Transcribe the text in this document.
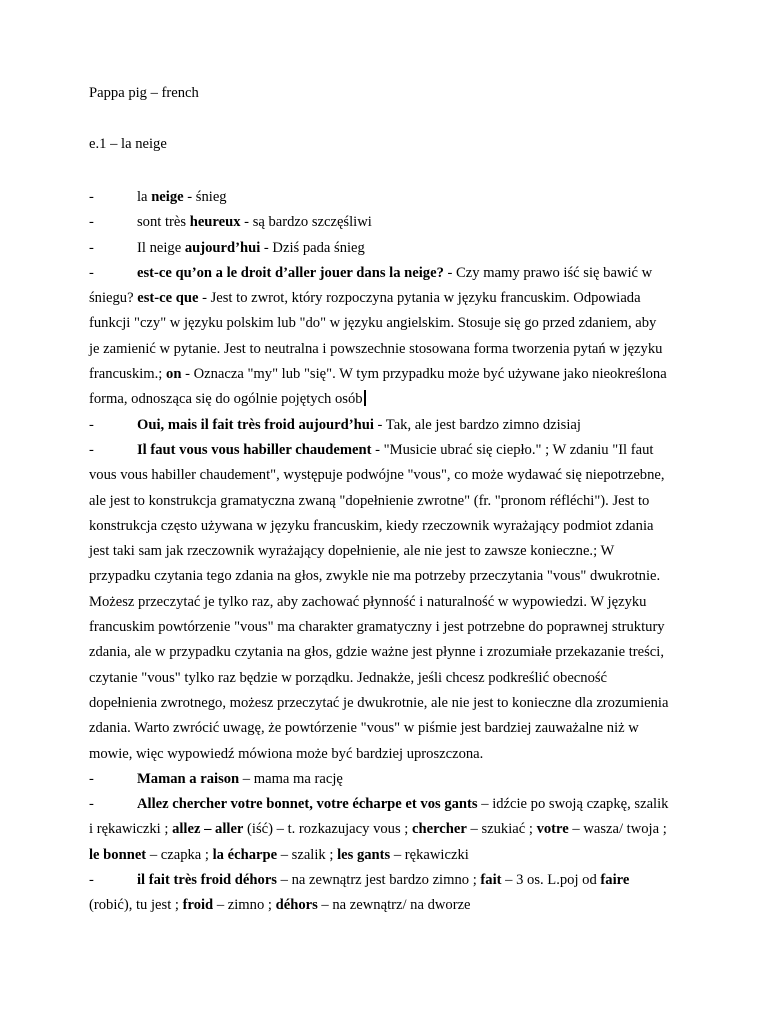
Pappa pig – french
e.1 – la neige
-	la neige - śnieg
-	sont très heureux - są bardzo szczęśliwi
-	Il neige aujourd’hui - Dziś pada śnieg
-	est-ce qu’on a le droit d’aller jouer dans la neige? - Czy mamy prawo iść się bawić w śniegu? est-ce que - Jest to zwrot, który rozpoczyna pytania w języku francuskim. Odpowiada funkcji "czy" w języku polskim lub "do" w języku angielskim. Stosuje się go przed zdaniem, aby je zamienić w pytanie. Jest to neutralna i powszechnie stosowana forma tworzenia pytań w języku francuskim.; on - Oznacza "my" lub "się". W tym przypadku może być używane jako nieokreślona forma, odnosząca się do ogólnie pojętych osób
-	Oui, mais il fait très froid aujourd’hui - Tak, ale jest bardzo zimno dzisiaj
-	Il faut vous vous habiller chaudement - "Musicie ubrać się ciepło." ; W zdaniu "Il faut vous vous habiller chaudement", występuje podwójne "vous", co może wydawać się niepotrzebne, ale jest to konstrukcja gramatyczna zwaną "dopełnienie zwrotne" (fr. "pronom réfléchi"). Jest to konstrukcja często używana w języku francuskim, kiedy rzeczownik wyrażający podmiot zdania jest taki sam jak rzeczownik wyrażający dopełnienie, ale nie jest to zawsze konieczne.; W przypadku czytania tego zdania na głos, zwykle nie ma potrzeby przeczytania "vous" dwukrotnie. Możesz przeczytać je tylko raz, aby zachować płynność i naturalność w wypowiedzi. W języku francuskim powtórzenie "vous" ma charakter gramatyczny i jest potrzebne do poprawnej struktury zdania, ale w przypadku czytania na głos, gdzie ważne jest płynne i zrozumiałe przekazanie treści, czytanie "vous" tylko raz będzie w porządku. Jednakże, jeśli chcesz podkreślić obecność dopełnienia zwrotnego, możesz przeczytać je dwukrotnie, ale nie jest to konieczne dla zrozumienia zdania. Warto zwrócić uwagę, że powtórzenie "vous" w piśmie jest bardziej zauważalne niż w mowie, więc wypowiedź mówiona może być bardziej uproszczona.
-	Maman a raison – mama ma rację
-	Allez chercher votre bonnet, votre écharpe et vos gants – idźcie po swoją czapkę, szalik i rękawiczki ; allez – aller (iść) – t. rozkazujacy vous ; chercher – szukiać ; votre – wasza/ twoja ; le bonnet – czapka ; la écharpe – szalik ; les gants – rękawiczki
-	il fait très froid déhors – na zewnątrz jest bardzo zimno ; fait – 3 os. L.poj od faire (robić), tu jest ; froid – zimno ; déhors – na zewnątrz/ na dworze
